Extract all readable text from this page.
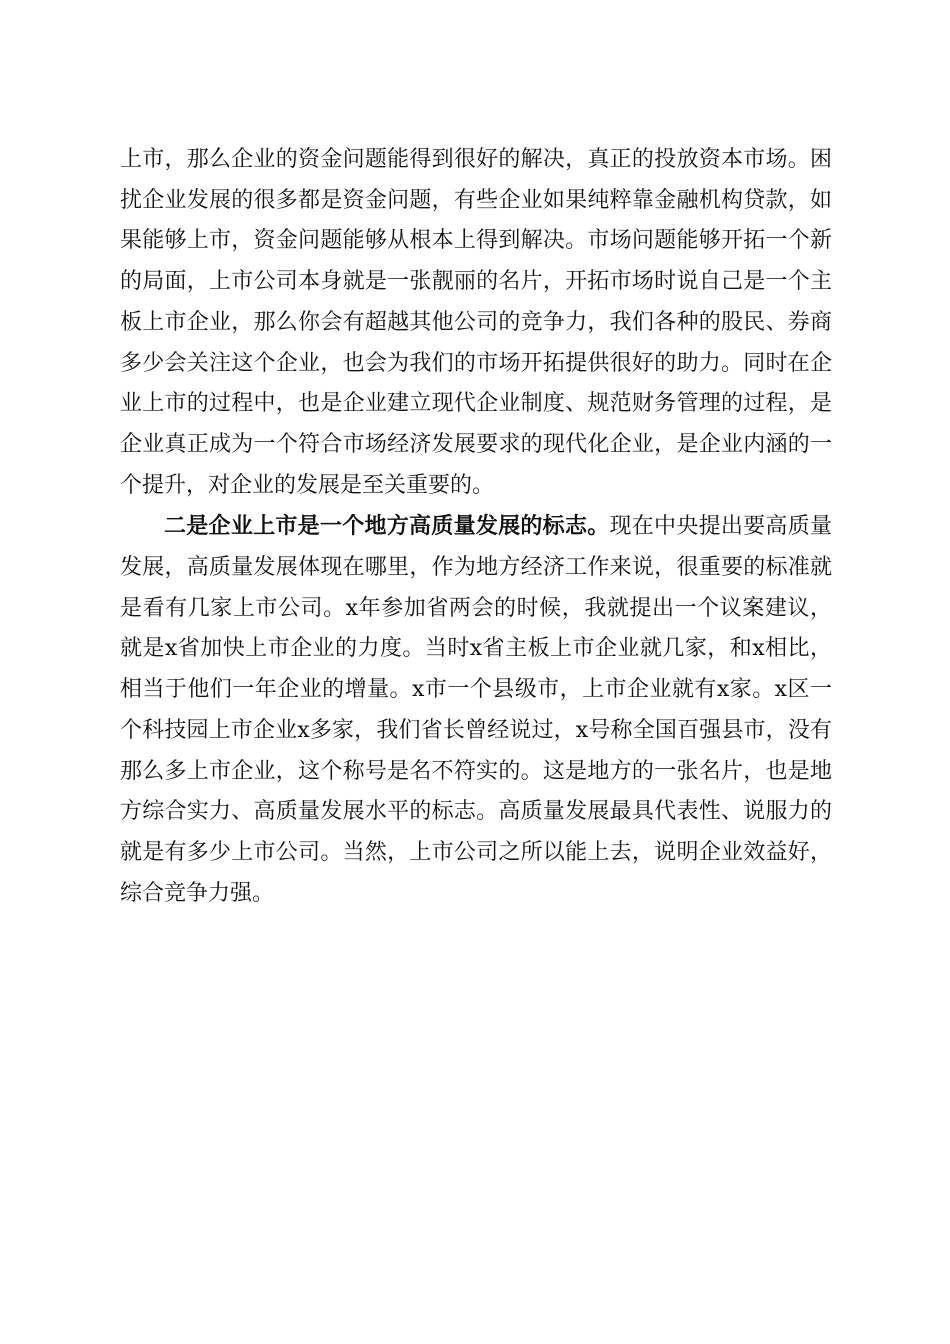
上市，那么企业的资金问题能得到很好的解决，真正的投放资本市场。困扰企业发展的很多都是资金问题，有些企业如果纯粹靠金融机构贷款，如果能够上市，资金问题能够从根本上得到解决。市场问题能够开拓一个新的局面，上市公司本身就是一张靓丽的名片，开拓市场时说自己是一个主板上市企业，那么你会有超越其他公司的竞争力，我们各种的股民、券商多少会关注这个企业，也会为我们的市场开拓提供很好的助力。同时在企业上市的过程中，也是企业建立现代企业制度、规范财务管理的过程，是企业真正成为一个符合市场经济发展要求的现代化企业，是企业内涵的一个提升，对企业的发展是至关重要的。

二是企业上市是一个地方高质量发展的标志。现在中央提出要高质量发展，高质量发展体现在哪里，作为地方经济工作来说，很重要的标准就是看有几家上市公司。x年参加省两会的时候，我就提出一个议案建议，就是x省加快上市企业的力度。当时x省主板上市企业就几家，和x相比，相当于他们一年企业的增量。x市一个县级市，上市企业就有x家。x区一个科技园上市企业x多家，我们省长曾经说过，x号称全国百强县市，没有那么多上市企业，这个称号是名不符实的。这是地方的一张名片，也是地方综合实力、高质量发展水平的标志。高质量发展最具代表性、说服力的就是有多少上市公司。当然，上市公司之所以能上去，说明企业效益好，综合竞争力强。
